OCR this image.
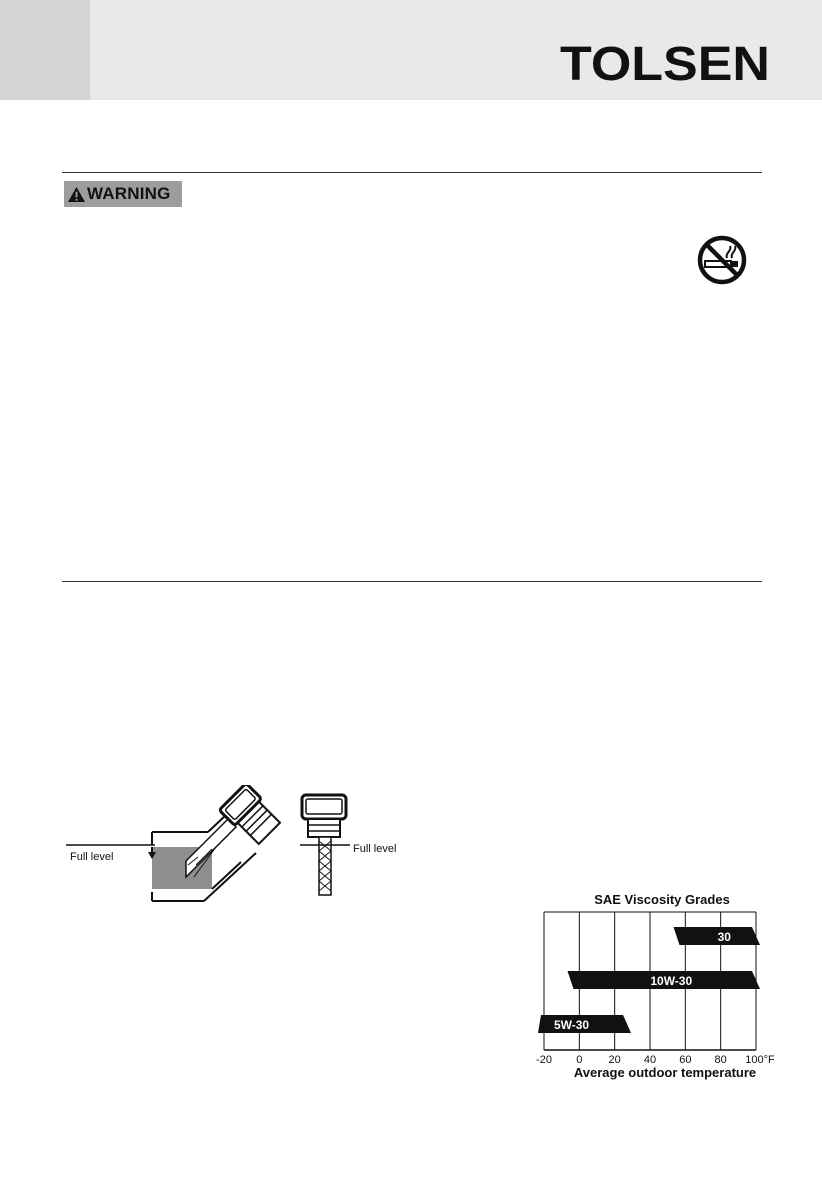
TOLSEN
WARNING
Full level
Full level
SAE Viscosity Grades
30
10W-30
5W-30
-20 0 20 40 60 80 100°F
Average outdoor temperature
